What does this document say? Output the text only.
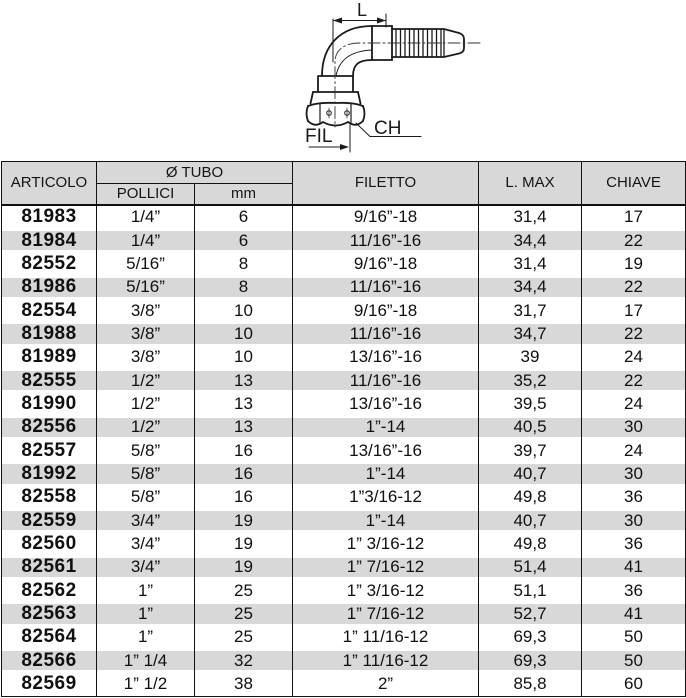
L
FIL CH
ARTICOLO	Ø TUBO		FILETTO	L. MAX	CHIAVE
	POLLICI	mm			
81983	1/4”	6	9/16”-18	31,4	17
81984	1/4”	6	11/16”-16	34,4	22
82552	5/16”	8	9/16”-18	31,4	19
81986	5/16”	8	11/16”-16	34,4	22
82554	3/8”	10	9/16”-18	31,7	17
81988	3/8”	10	11/16”-16	34,7	22
81989	3/8”	10	13/16”-16	39	24
82555	1/2”	13	11/16”-16	35,2	22
81990	1/2”	13	13/16”-16	39,5	24
82556	1/2”	13	1”-14	40,5	30
82557	5/8”	16	13/16”-16	39,7	24
81992	5/8”	16	1”-14	40,7	30
82558	5/8”	16	1”3/16-12	49,8	36
82559	3/4”	19	1”-14	40,7	30
82560	3/4”	19	1” 3/16-12	49,8	36
82561	3/4”	19	1” 7/16-12	51,4	41
82562	1”	25	1” 3/16-12	51,1	36
82563	1”	25	1” 7/16-12	52,7	41
82564	1”	25	1” 11/16-12	69,3	50
82566	1” 1/4	32	1” 11/16-12	69,3	50
82569	1” 1/2	38	2”	85,8	60
